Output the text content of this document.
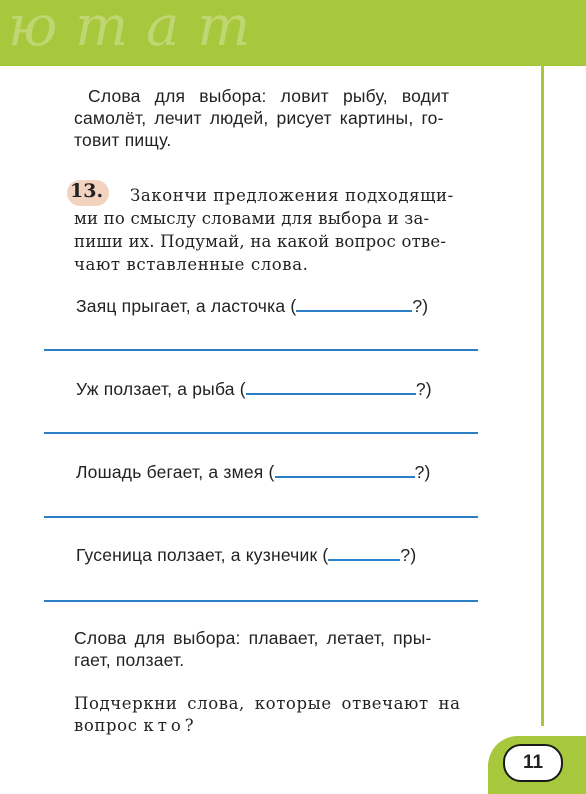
ю т a m
Слова для выбора: ловит рыбу, водит
самолёт, лечит людей, рисует картины, го-
товит пищу.
13. Закончи предложения подходящи-
ми по смыслу словами для выбора и за-
пиши их. Подумай, на какой вопрос отве-
чают вставленные слова.
Заяц прыгает, а ласточка (	?)
Уж ползает, а рыба (	?)
Лошадь бегает, а змея (	?)
Гусеница ползает, а кузнечик (	?)
Слова для выбора: плавает, летает, пры-
гает, ползает.
Подчеркни слова, которые отвечают на
вопрос кто?
11
